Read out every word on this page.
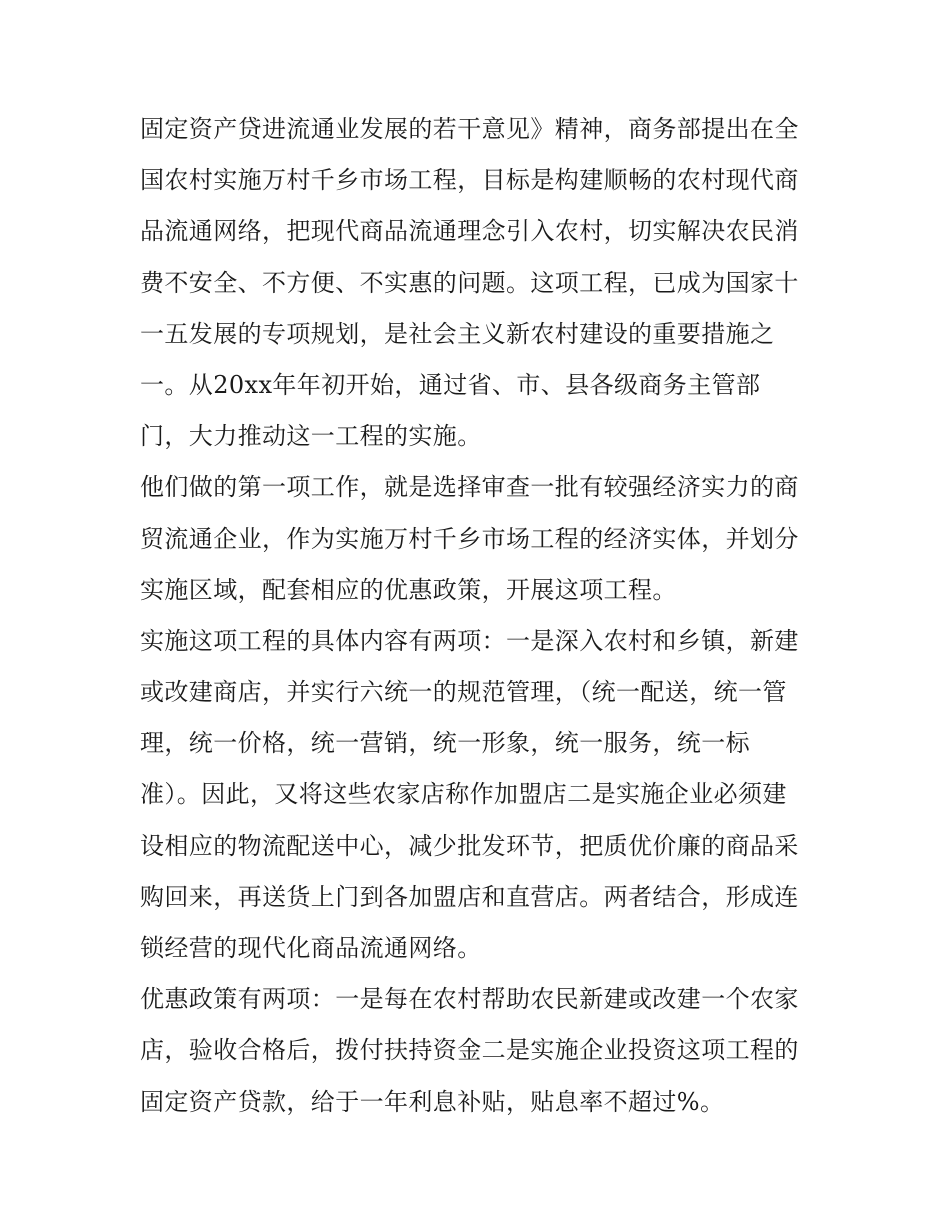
固定资产贷进流通业发展的若干意见》精神，商务部提出在全
国农村实施万村千乡市场工程，目标是构建顺畅的农村现代商
品流通网络，把现代商品流通理念引入农村，切实解决农民消
费不安全、不方便、不实惠的问题。这项工程，已成为国家十
一五发展的专项规划，是社会主义新农村建设的重要措施之
一。从20xx年年初开始，通过省、市、县各级商务主管部
门，大力推动这一工程的实施。
他们做的第一项工作，就是选择审查一批有较强经济实力的商
贸流通企业，作为实施万村千乡市场工程的经济实体，并划分
实施区域，配套相应的优惠政策，开展这项工程。
实施这项工程的具体内容有两项：一是深入农村和乡镇，新建
或改建商店，并实行六统一的规范管理，（统一配送，统一管
理，统一价格，统一营销，统一形象，统一服务，统一标
准）。因此，又将这些农家店称作加盟店二是实施企业必须建
设相应的物流配送中心，减少批发环节，把质优价廉的商品采
购回来，再送货上门到各加盟店和直营店。两者结合，形成连
锁经营的现代化商品流通网络。
优惠政策有两项：一是每在农村帮助农民新建或改建一个农家
店，验收合格后，拨付扶持资金二是实施企业投资这项工程的
固定资产贷款，给于一年利息补贴，贴息率不超过%。
